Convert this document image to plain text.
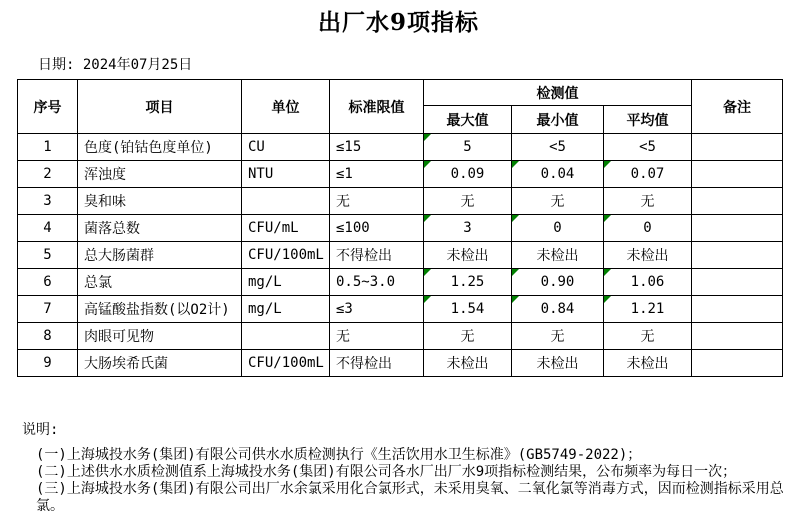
出厂水9项指标
日期: 2024年07月25日
序号	项目	单位	标准限值	检测值			备注
				最大值	最小值	平均值	
1	色度(铂钴色度单位)	CU	≤15	5	<5	<5	
2	浑浊度	NTU	≤1	0.09	0.04	0.07	
3	臭和味		无	无	无	无	
4	菌落总数	CFU/mL	≤100	3	0	0	
5	总大肠菌群	CFU/100mL	不得检出	未检出	未检出	未检出	
6	总氯	mg/L	0.5~3.0	1.25	0.90	1.06	
7	高锰酸盐指数(以O2计)	mg/L	≤3	1.54	0.84	1.21	
8	肉眼可见物		无	无	无	无	
9	大肠埃希氏菌	CFU/100mL	不得检出	未检出	未检出	未检出	
说明:
(一)上海城投水务(集团)有限公司供水水质检测执行《生活饮用水卫生标准》(GB5749-2022)；
(二)上述供水水质检测值系上海城投水务(集团)有限公司各水厂出厂水9项指标检测结果，公布频率为每日一次；
(三)上海城投水务(集团)有限公司出厂水余氯采用化合氯形式，未采用臭氧、二氧化氯等消毒方式，因而检测指标采用总氯。
